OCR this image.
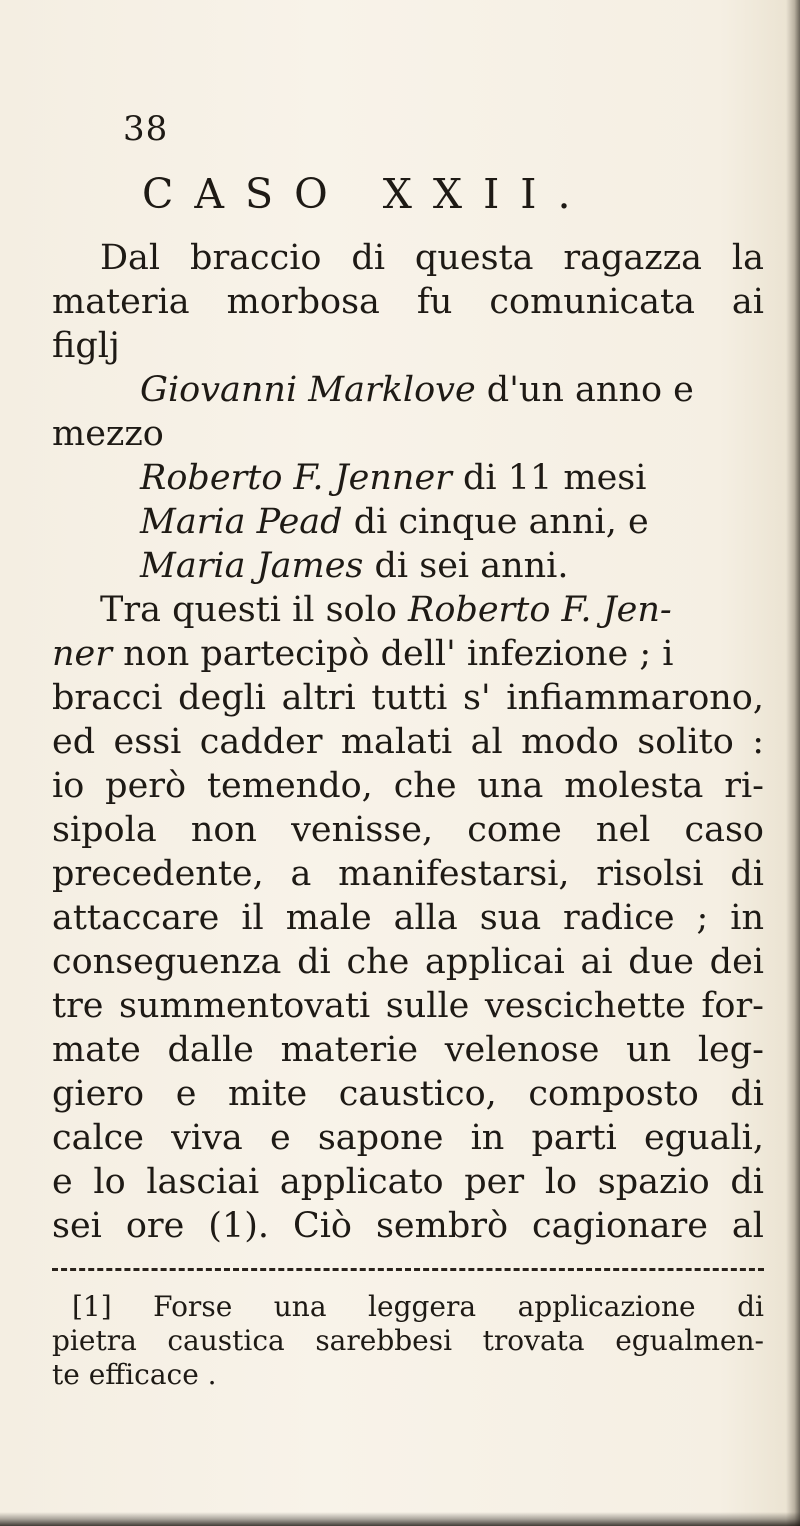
38
CASO XXII.
Dal braccio di questa ragazza la
materia morbosa fu comunicata ai
figlj
Giovanni Marklove d'un anno e
mezzo
Roberto F. Jenner di 11 mesi
Maria Pead di cinque anni, e
Maria James di sei anni.
Tra questi il solo Roberto F. Jen-
ner non partecipò dell' infezione ; i
bracci degli altri tutti s' infiammarono,
ed essi cadder malati al modo solito :
io però temendo, che una molesta ri-
sipola non venisse, come nel caso
precedente, a manifestarsi, risolsi di
attaccare il male alla sua radice ; in
conseguenza di che applicai ai due dei
tre summentovati sulle vescichette for-
mate dalle materie velenose un leg-
giero e mite caustico, composto di
calce viva e sapone in parti eguali,
e lo lasciai applicato per lo spazio di
sei ore (1). Ciò sembrò cagionare al
[1] Forse una leggera applicazione di
pietra caustica sarebbesi trovata egualmen-
te efficace .
